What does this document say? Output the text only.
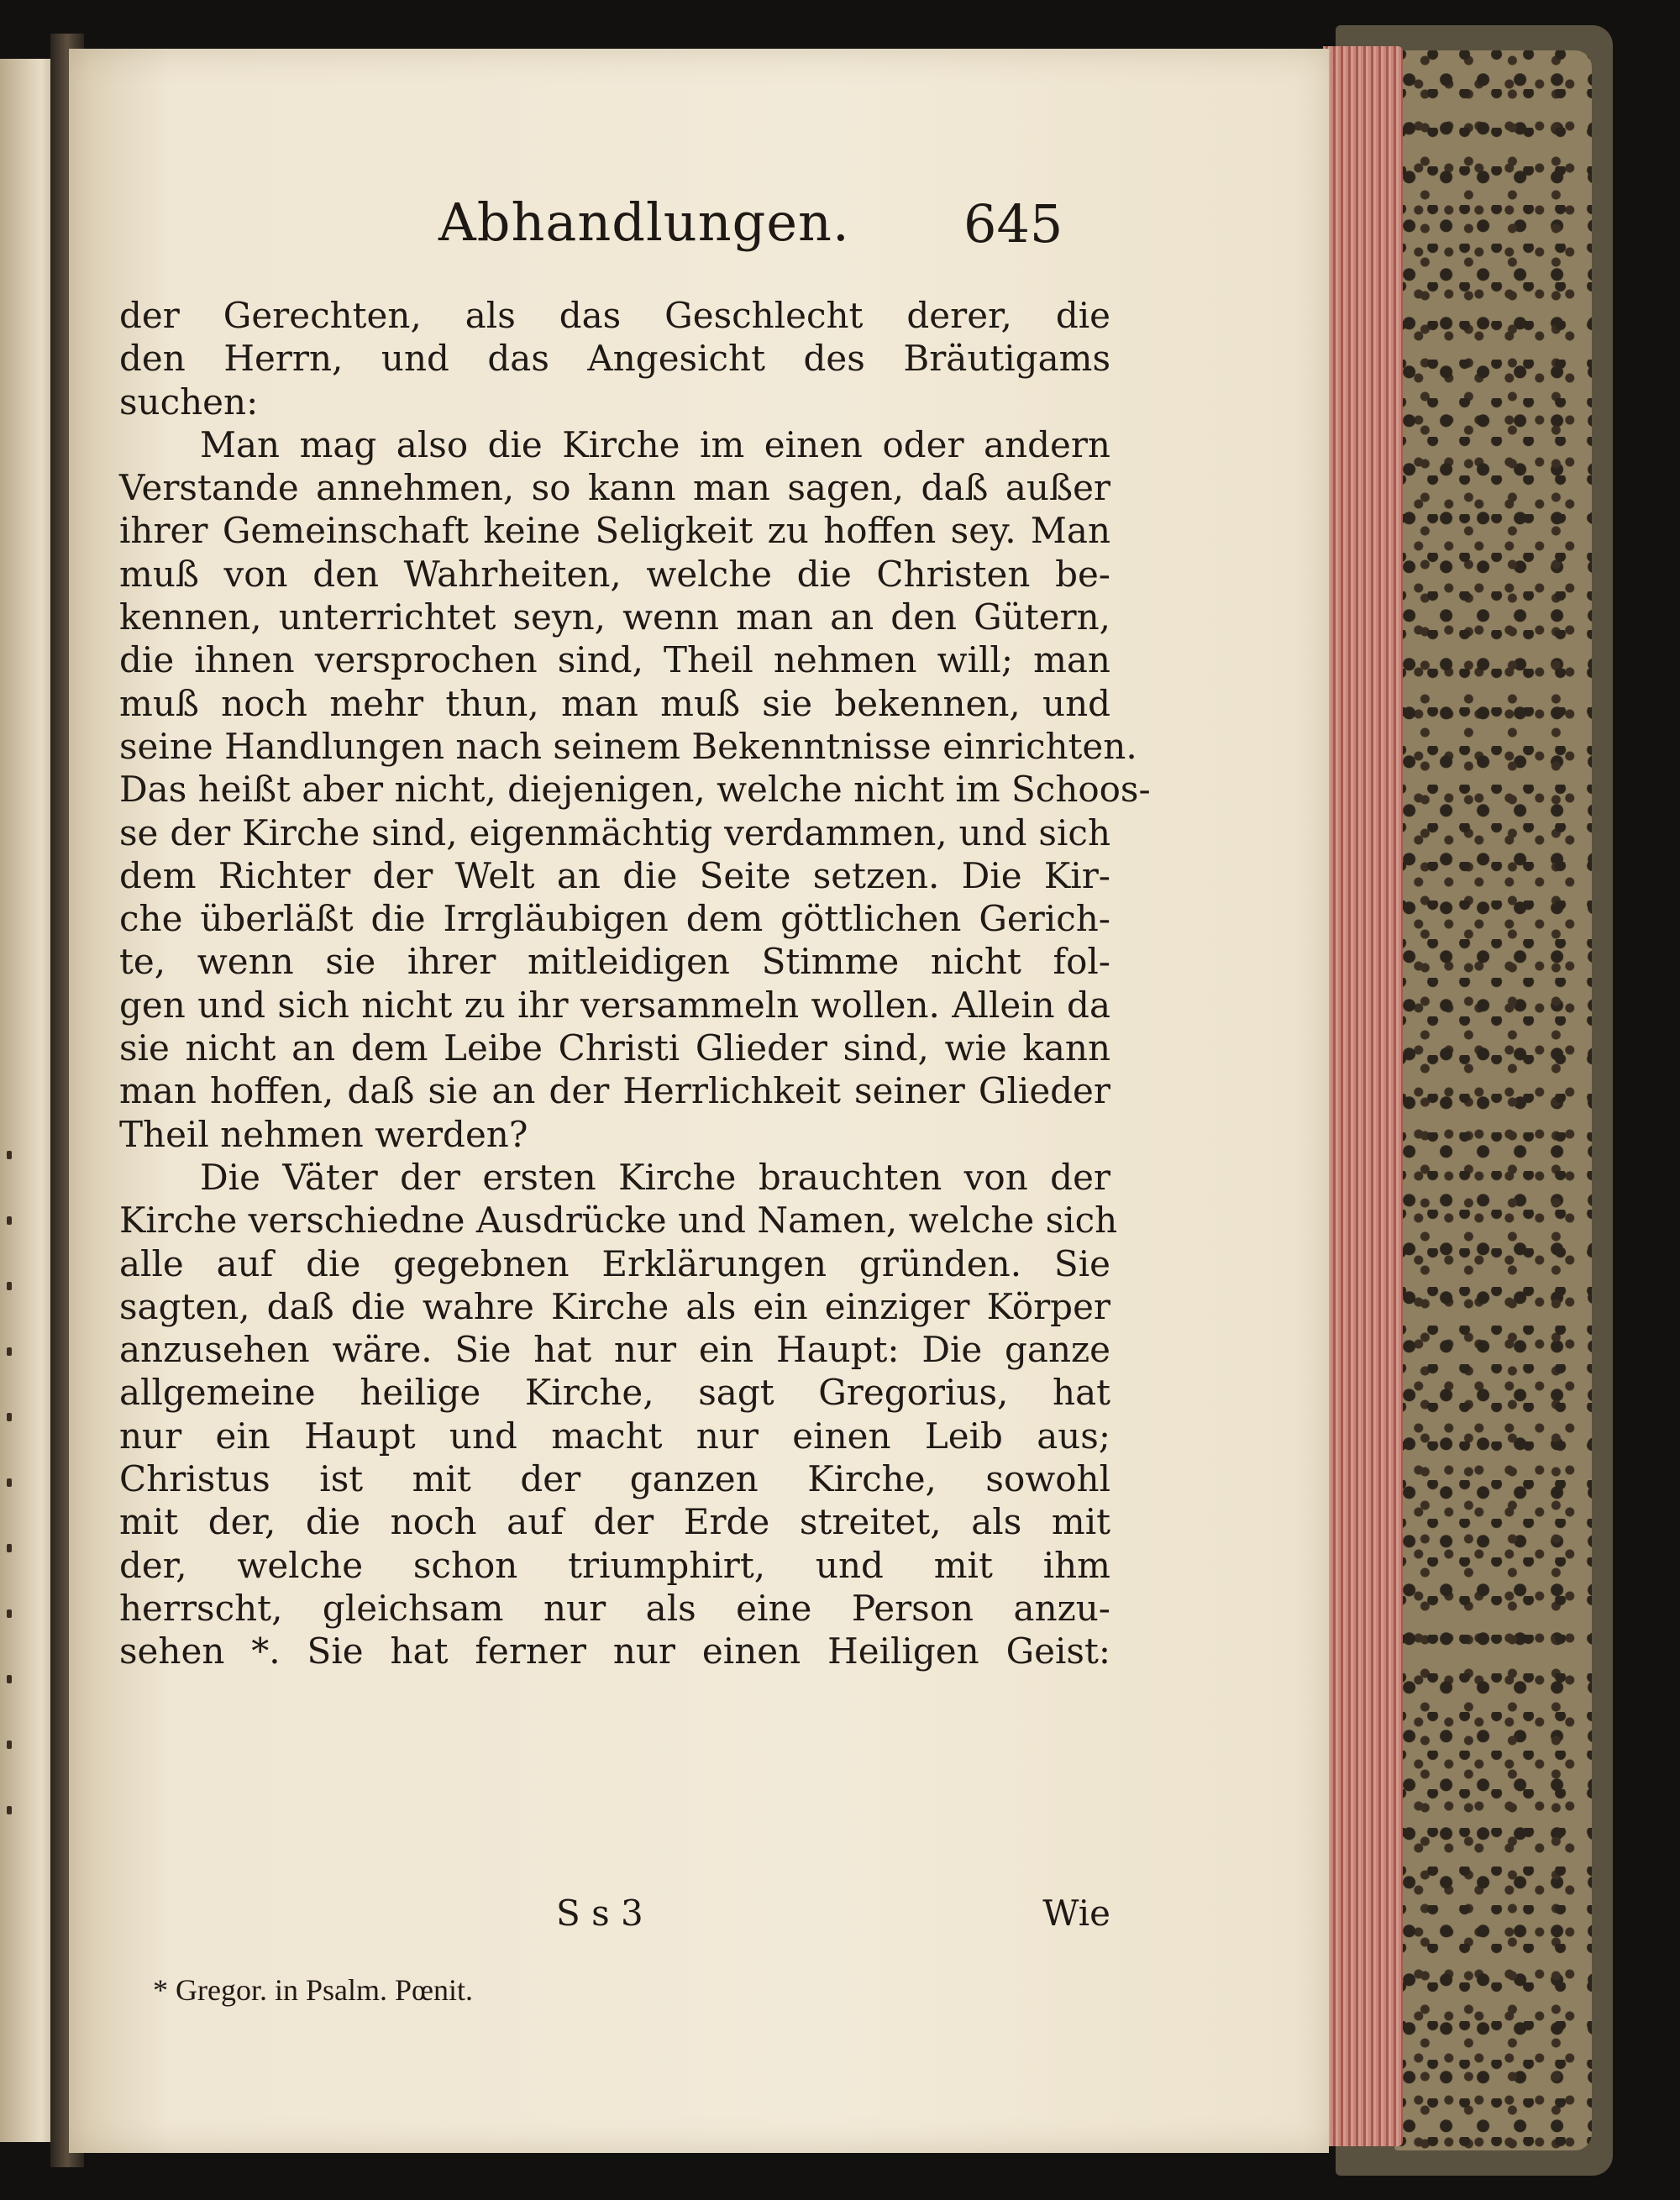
Abhandlungen. 645
der Gerechten, als das Geschlecht derer, die
den Herrn, und das Angesicht des Bräutigams
suchen:
Man mag also die Kirche im einen oder andern
Verstande annehmen, so kann man sagen, daß außer
ihrer Gemeinschaft keine Seligkeit zu hoffen sey. Man
muß von den Wahrheiten, welche die Christen be-
kennen, unterrichtet seyn, wenn man an den Gütern,
die ihnen versprochen sind, Theil nehmen will; man
muß noch mehr thun, man muß sie bekennen, und
seine Handlungen nach seinem Bekenntnisse einrichten.
Das heißt aber nicht, diejenigen, welche nicht im Schoos-
se der Kirche sind, eigenmächtig verdammen, und sich
dem Richter der Welt an die Seite setzen. Die Kir-
che überläßt die Irrgläubigen dem göttlichen Gerich-
te, wenn sie ihrer mitleidigen Stimme nicht fol-
gen und sich nicht zu ihr versammeln wollen. Allein da
sie nicht an dem Leibe Christi Glieder sind, wie kann
man hoffen, daß sie an der Herrlichkeit seiner Glieder
Theil nehmen werden?
Die Väter der ersten Kirche brauchten von der
Kirche verschiedne Ausdrücke und Namen, welche sich
alle auf die gegebnen Erklärungen gründen. Sie
sagten, daß die wahre Kirche als ein einziger Körper
anzusehen wäre. Sie hat nur ein Haupt: Die ganze
allgemeine heilige Kirche, sagt Gregorius, hat
nur ein Haupt und macht nur einen Leib aus;
Christus ist mit der ganzen Kirche, sowohl
mit der, die noch auf der Erde streitet, als mit
der, welche schon triumphirt, und mit ihm
herrscht, gleichsam nur als eine Person anzu-
sehen *. Sie hat ferner nur einen Heiligen Geist:
S s 3	Wie
* Gregor. in Psalm. Pœnit.
